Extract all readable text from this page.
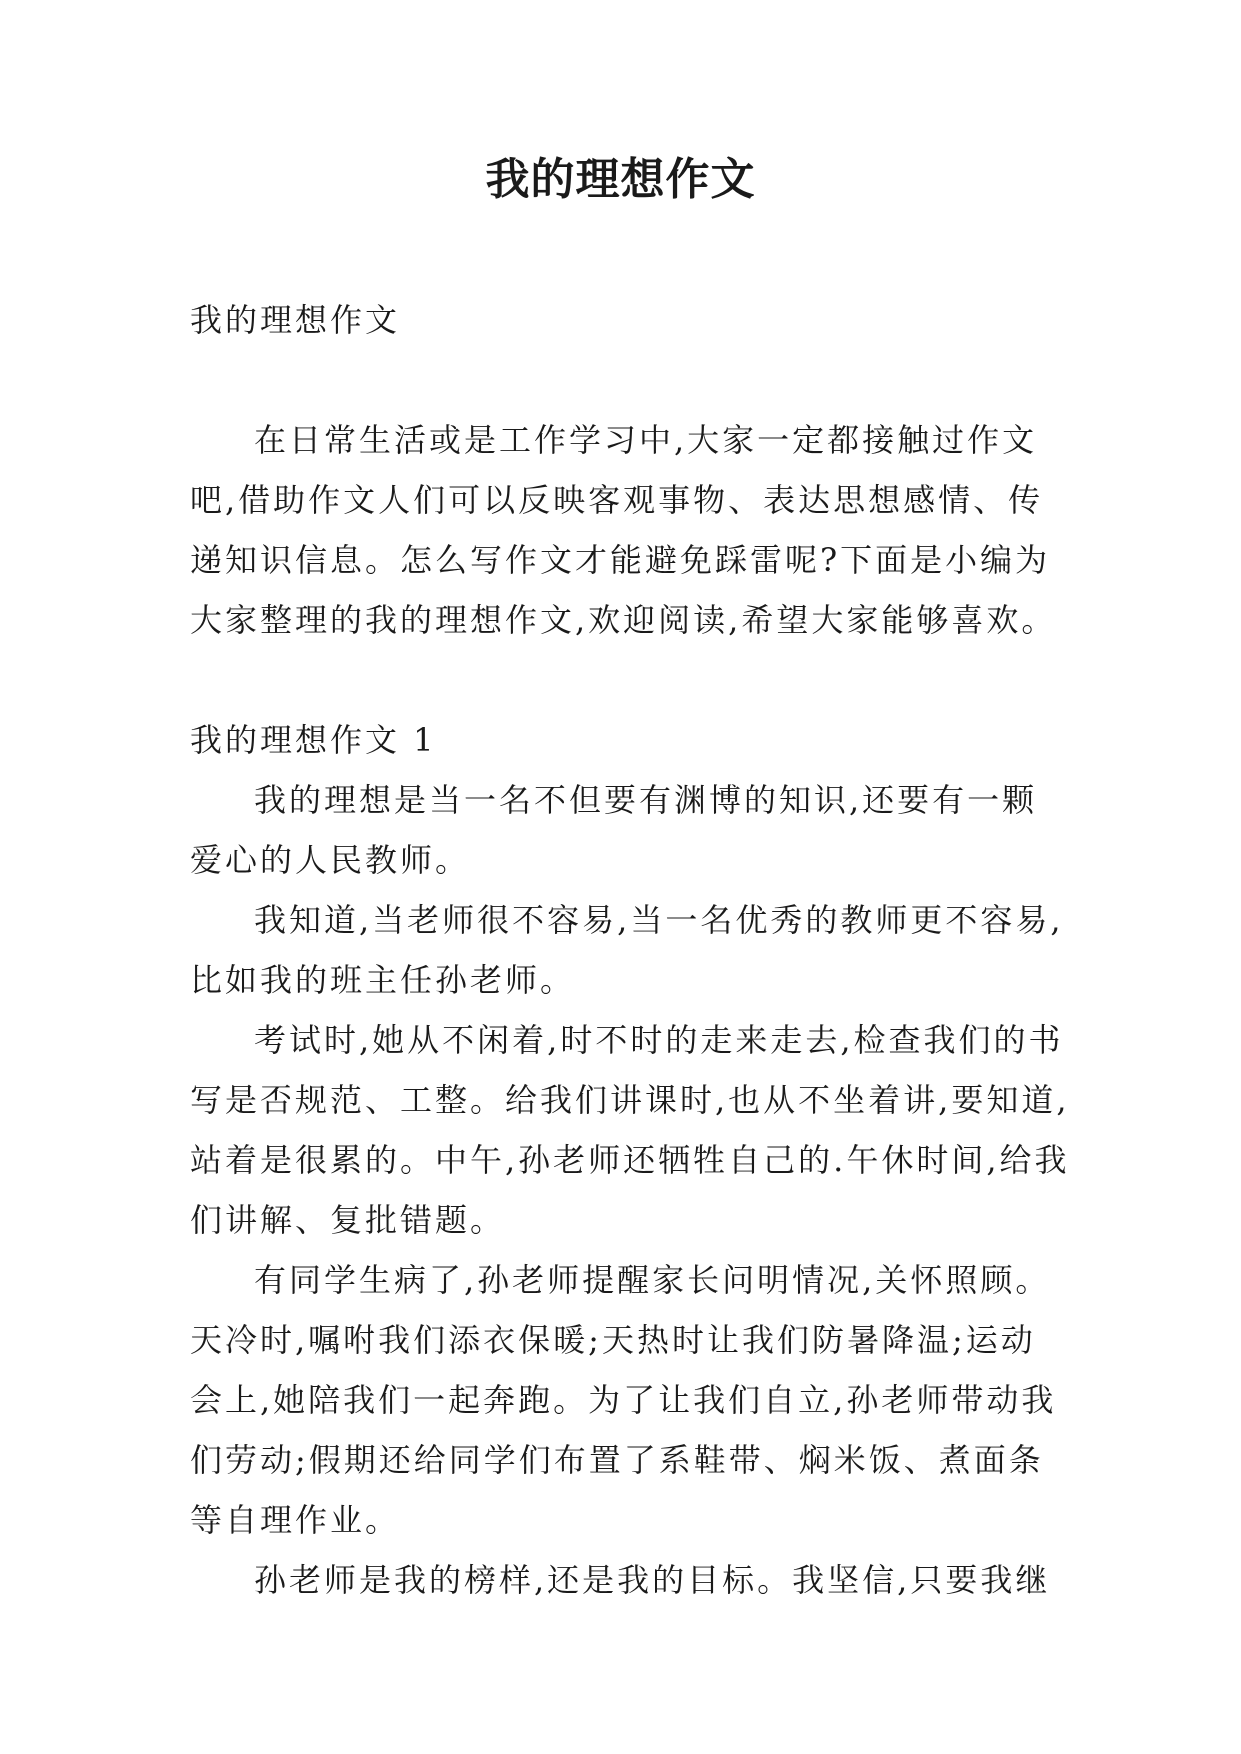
我的理想作文

我的理想作文

在日常生活或是工作学习中,大家一定都接触过作文吧,借助作文人们可以反映客观事物、表达思想感情、传递知识信息。怎么写作文才能避免踩雷呢?下面是小编为大家整理的我的理想作文,欢迎阅读,希望大家能够喜欢。

我的理想作文 1

我的理想是当一名不但要有渊博的知识,还要有一颗爱心的人民教师。

我知道,当老师很不容易,当一名优秀的教师更不容易,比如我的班主任孙老师。

考试时,她从不闲着,时不时的走来走去,检查我们的书写是否规范、工整。给我们讲课时,也从不坐着讲,要知道,站着是很累的。中午,孙老师还牺牲自己的.午休时间,给我们讲解、复批错题。

有同学生病了,孙老师提醒家长问明情况,关怀照顾。天冷时,嘱咐我们添衣保暖;天热时让我们防暑降温;运动会上,她陪我们一起奔跑。为了让我们自立,孙老师带动我们劳动;假期还给同学们布置了系鞋带、焖米饭、煮面条等自理作业。

孙老师是我的榜样,还是我的目标。我坚信,只要我继
